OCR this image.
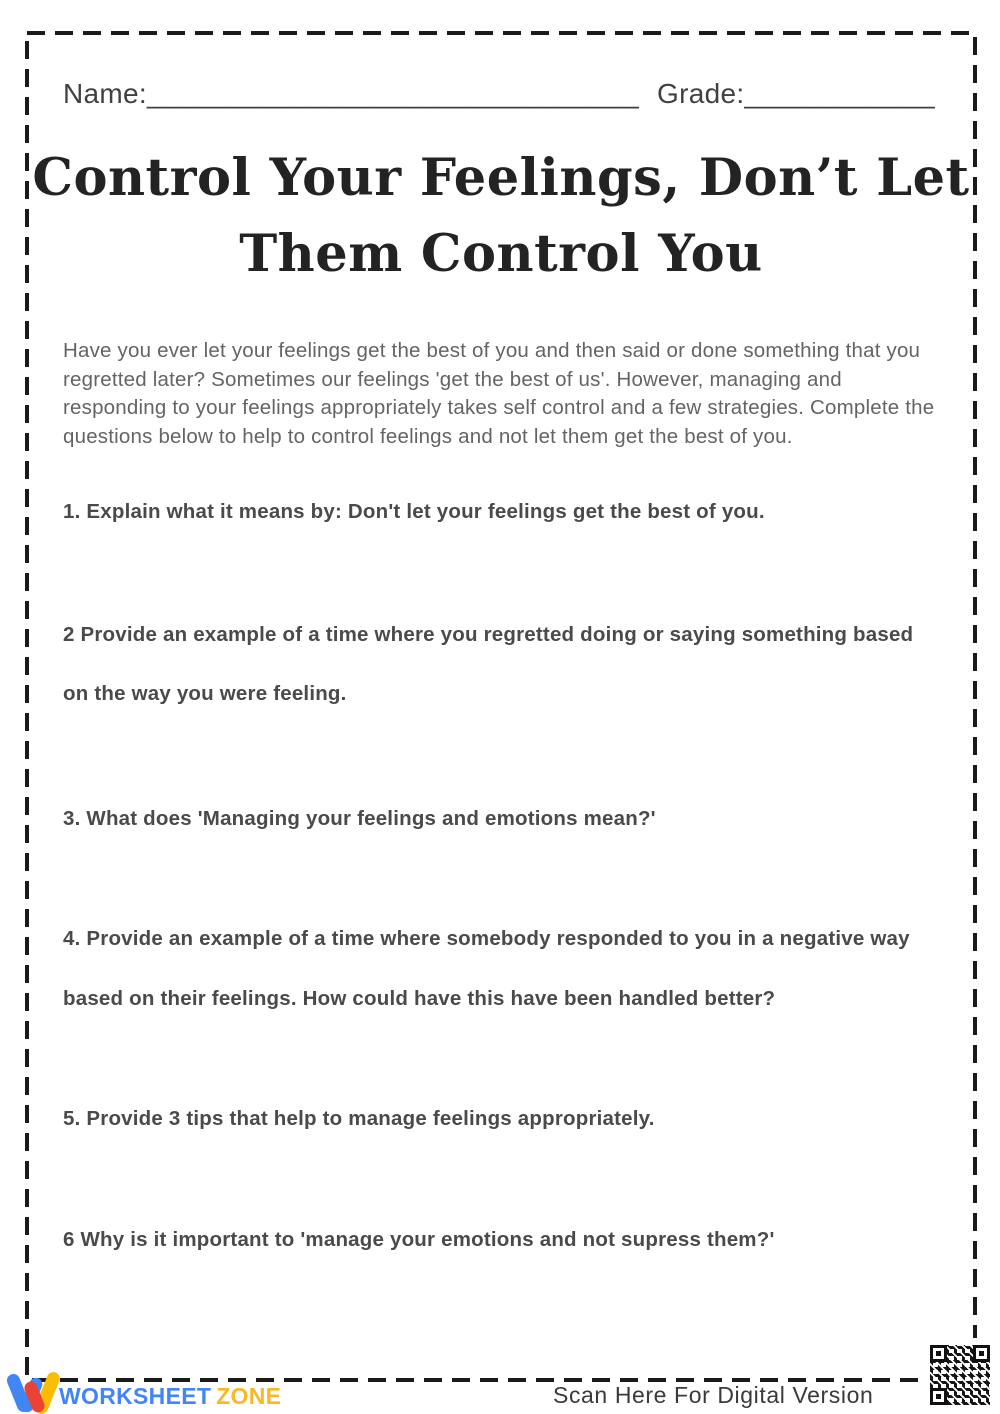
Name:_______________________________ Grade:____________
Control Your Feelings, Don’t Let
Them Control You

Have you ever let your feelings get the best of you and then said or done something that you regretted later? Sometimes our feelings 'get the best of us'. However, managing and responding to your feelings appropriately takes self control and a few strategies. Complete the questions below to help to control feelings and not let them get the best of you.

1. Explain what it means by: Don't let your feelings get the best of you.
2 Provide an example of a time where you regretted doing or saying something based
on the way you were feeling.
3. What does 'Managing your feelings and emotions mean?'
4. Provide an example of a time where somebody responded to you in a negative way
based on their feelings. How could have this have been handled better?
5. Provide 3 tips that help to manage feelings appropriately.
6 Why is it important to 'manage your emotions and not supress them?'
WORKSHEET ZONE	Scan Here For Digital Version
